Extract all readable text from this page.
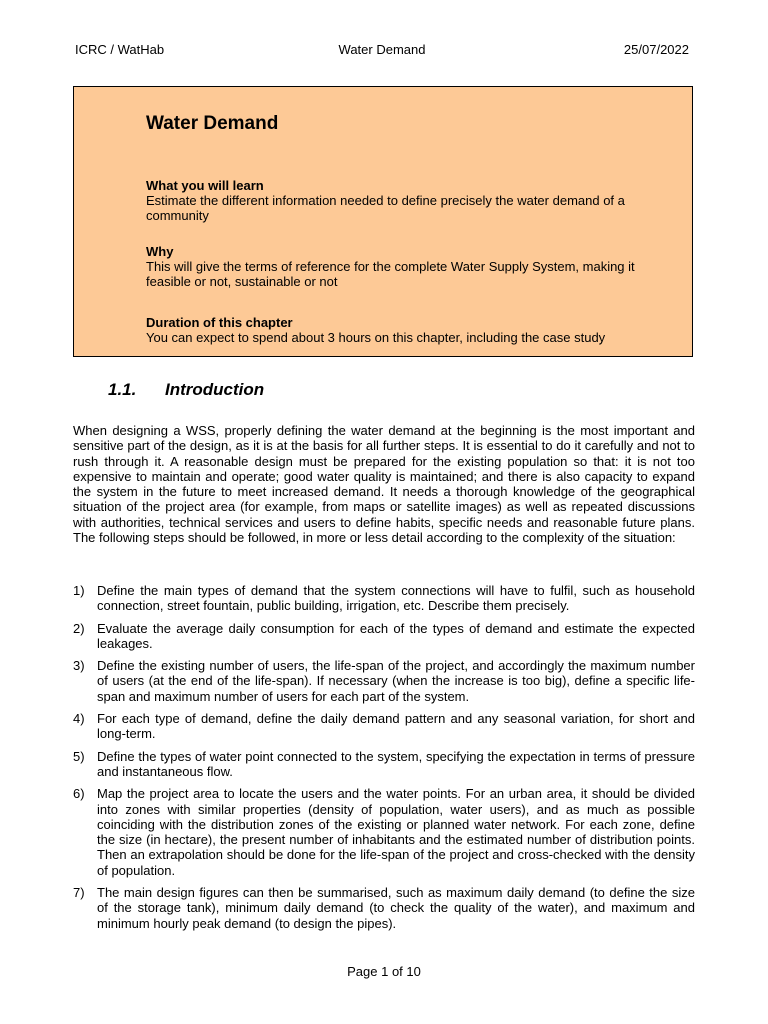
ICRC / WatHab	Water Demand	25/07/2022
Water Demand
What you will learn
Estimate the different information needed to define precisely the water demand of a community
Why
This will give the terms of reference for the complete Water Supply System, making it feasible or not, sustainable or not
Duration of this chapter
You can expect to spend about 3 hours on this chapter, including the case study
1.1. Introduction

When designing a WSS, properly defining the water demand at the beginning is the most important and sensitive part of the design, as it is at the basis for all further steps. It is essential to do it carefully and not to rush through it. A reasonable design must be prepared for the existing population so that: it is not too expensive to maintain and operate; good water quality is maintained; and there is also capacity to expand the system in the future to meet increased demand. It needs a thorough knowledge of the geographical situation of the project area (for example, from maps or satellite images) as well as repeated discussions with authorities, technical services and users to define habits, specific needs and reasonable future plans. The following steps should be followed, in more or less detail according to the complexity of the situation:

1) Define the main types of demand that the system connections will have to fulfil, such as household connection, street fountain, public building, irrigation, etc. Describe them precisely.
2) Evaluate the average daily consumption for each of the types of demand and estimate the expected leakages.
3) Define the existing number of users, the life-span of the project, and accordingly the maximum number of users (at the end of the life-span). If necessary (when the increase is too big), define a specific life-span and maximum number of users for each part of the system.
4) For each type of demand, define the daily demand pattern and any seasonal variation, for short and long-term.
5) Define the types of water point connected to the system, specifying the expectation in terms of pressure and instantaneous flow.
6) Map the project area to locate the users and the water points. For an urban area, it should be divided into zones with similar properties (density of population, water users), and as much as possible coinciding with the distribution zones of the existing or planned water network. For each zone, define the size (in hectare), the present number of inhabitants and the estimated number of distribution points. Then an extrapolation should be done for the life-span of the project and cross-checked with the density of population.
7) The main design figures can then be summarised, such as maximum daily demand (to define the size of the storage tank), minimum daily demand (to check the quality of the water), and maximum and minimum hourly peak demand (to design the pipes).
Page 1 of 10
